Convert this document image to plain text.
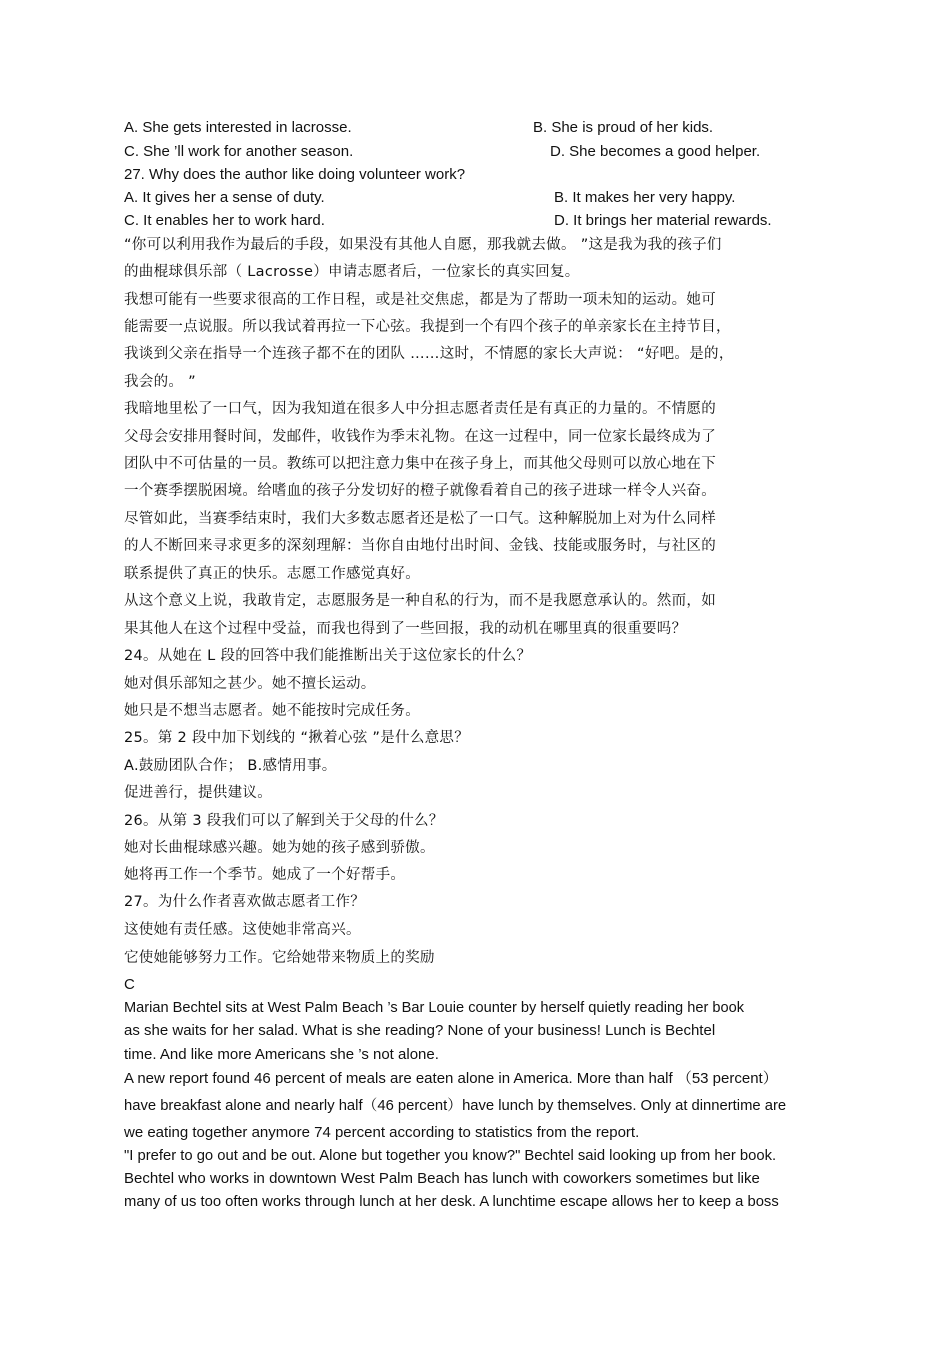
A. She gets interested in lacrosse.	B. She is proud of her kids.
C. She ’ll work for another season.	D. She becomes a good helper.
27. Why does the author like doing volunteer work?
A. It gives her a sense of duty.	B. It makes her very happy.
C. It enables her to work hard.	D. It brings her material rewards.
“你可以利用我作为最后的手段，如果没有其他人自愿，那我就去做。 ”这是我为我的孩子们
的曲棍球俱乐部（ Lacrosse）申请志愿者后，一位家长的真实回复。
我想可能有一些要求很高的工作日程，或是社交焦虑，都是为了帮助一项未知的运动。她可
能需要一点说服。所以我试着再拉一下心弦。我提到一个有四个孩子的单亲家长在主持节目，
我谈到父亲在指导一个连孩子都不在的团队 ……这时，不情愿的家长大声说： “好吧。是的，
我会的。 ”
我暗地里松了一口气，因为我知道在很多人中分担志愿者责任是有真正的力量的。不情愿的
父母会安排用餐时间，发邮件，收钱作为季末礼物。在这一过程中，同一位家长最终成为了
团队中不可估量的一员。教练可以把注意力集中在孩子身上，而其他父母则可以放心地在下
一个赛季摆脱困境。给嗜血的孩子分发切好的橙子就像看着自己的孩子进球一样令人兴奋。
尽管如此，当赛季结束时，我们大多数志愿者还是松了一口气。这种解脱加上对为什么同样
的人不断回来寻求更多的深刻理解：当你自由地付出时间、金钱、技能或服务时，与社区的
联系提供了真正的快乐。志愿工作感觉真好。
从这个意义上说，我敢肯定，志愿服务是一种自私的行为，而不是我愿意承认的。然而，如
果其他人在这个过程中受益，而我也得到了一些回报，我的动机在哪里真的很重要吗？
24。从她在 L 段的回答中我们能推断出关于这位家长的什么？
她对俱乐部知之甚少。她不擅长运动。
她只是不想当志愿者。她不能按时完成任务。
25。第 2 段中加下划线的 “揪着心弦 ”是什么意思？
A.鼓励团队合作； B.感情用事。
促进善行，提供建议。
26。从第 3 段我们可以了解到关于父母的什么？
她对长曲棍球感兴趣。她为她的孩子感到骄傲。
她将再工作一个季节。她成了一个好帮手。
27。为什么作者喜欢做志愿者工作？
这使她有责任感。这使她非常高兴。
它使她能够努力工作。它给她带来物质上的奖励
C
Marian Bechtel sits at West Palm Beach ’s Bar Louie counter by herself quietly reading her book
as she waits for her salad. What is she reading? None of your business! Lunch is Bechtel
time. And like more Americans she ’s not alone.
A new report found 46 percent of meals are eaten alone in America. More than half （53 percent）
have breakfast alone and nearly half（46 percent）have lunch by themselves. Only at dinnertime are
we eating together anymore 74 percent according to statistics from the report.
"I prefer to go out and be out. Alone but together you know?" Bechtel said looking up from her book.
Bechtel who works in downtown West Palm Beach has lunch with coworkers sometimes but like
many of us too often works through lunch at her desk. A lunchtime escape allows her to keep a boss
